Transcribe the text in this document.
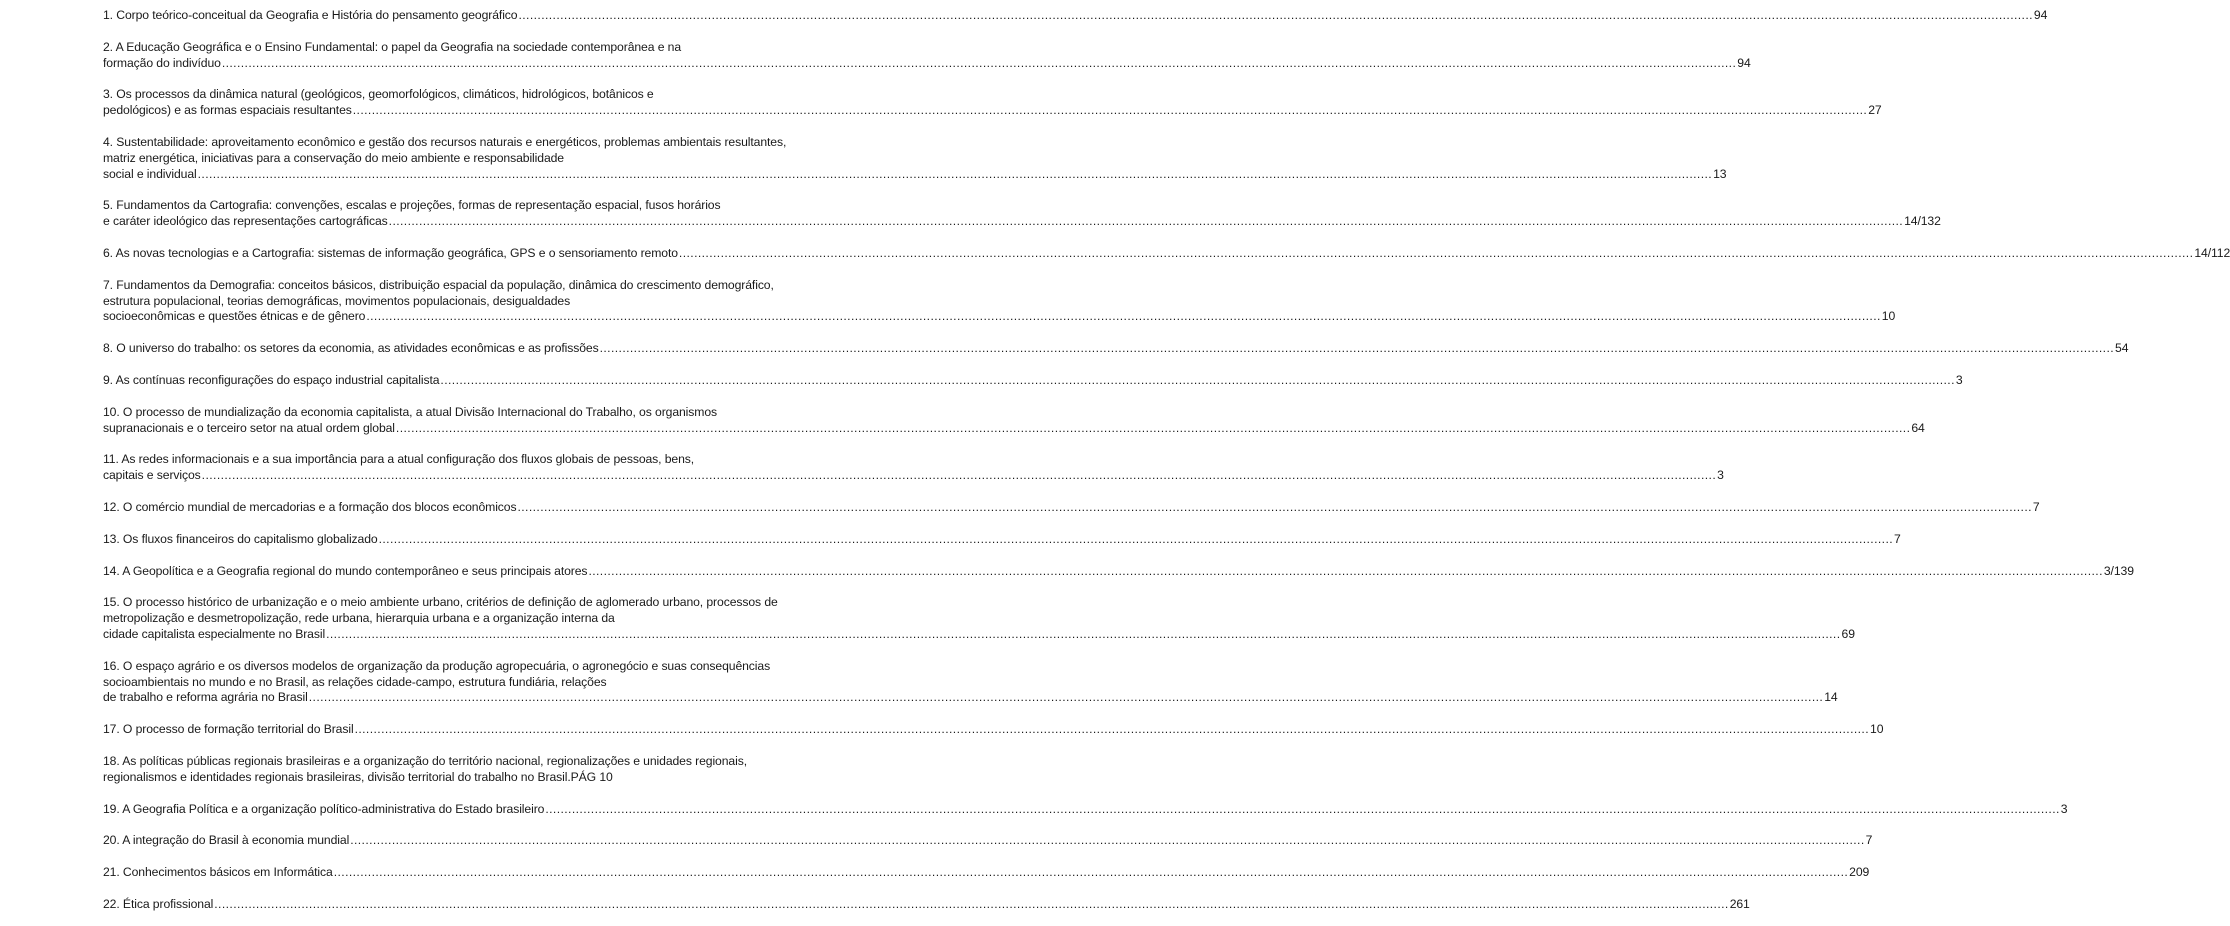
1. Corpo teórico-conceitual da Geografia e História do pensamento geográfico .....	94
2. A Educação Geográfica e o Ensino Fundamental: o papel da Geografia na sociedade contemporânea e na
formação do indivíduo .....	94
3. Os processos da dinâmica natural (geológicos, geomorfológicos, climáticos, hidrológicos, botânicos e
pedológicos) e as formas espaciais resultantes .....	27
4. Sustentabilidade: aproveitamento econômico e gestão dos recursos naturais e energéticos, problemas ambientais resultantes, matriz energética, iniciativas para a conservação do meio ambiente e responsabilidade
social e individual .....	13
5. Fundamentos da Cartografia: convenções, escalas e projeções, formas de representação espacial, fusos horários
e caráter ideológico das representações cartográficas .....	14/132
6. As novas tecnologias e a Cartografia: sistemas de informação geográfica, GPS e o sensoriamento remoto .....	14/112
7. Fundamentos da Demografia: conceitos básicos, distribuição espacial da população, dinâmica do crescimento demográfico, estrutura populacional, teorias demográficas, movimentos populacionais, desigualdades
socioeconômicas e questões étnicas e de gênero .....	10
8. O universo do trabalho: os setores da economia, as atividades econômicas e as profissões .....	54
9. As contínuas reconfigurações do espaço industrial capitalista .....	3
10. O processo de mundialização da economia capitalista, a atual Divisão Internacional do Trabalho, os organismos
supranacionais e o terceiro setor na atual ordem global .....	64
11. As redes informacionais e a sua importância para a atual configuração dos fluxos globais de pessoas, bens,
capitais e serviços .....	3
12. O comércio mundial de mercadorias e a formação dos blocos econômicos .....	7
13. Os fluxos financeiros do capitalismo globalizado .....	7
14. A Geopolítica e a Geografia regional do mundo contemporâneo e seus principais atores .....	3/139
15. O processo histórico de urbanização e o meio ambiente urbano, critérios de definição de aglomerado urbano, processos de metropolização e desmetropolização, rede urbana, hierarquia urbana e a organização interna da
cidade capitalista especialmente no Brasil .....	69
16. O espaço agrário e os diversos modelos de organização da produção agropecuária, o agronegócio e suas consequências socioambientais no mundo e no Brasil, as relações cidade-campo, estrutura fundiária, relações
de trabalho e reforma agrária no Brasil .....	14
17. O processo de formação territorial do Brasil .....	10
18. As políticas públicas regionais brasileiras e a organização do território nacional, regionalizações e unidades regionais, regionalismos e identidades regionais brasileiras, divisão territorial do trabalho no Brasil.PÁG 10
19. A Geografia Política e a organização político-administrativa do Estado brasileiro .....	3
20. A integração do Brasil à economia mundial .....	7
21. Conhecimentos básicos em Informática .....	209
22. Ética profissional .....	261
